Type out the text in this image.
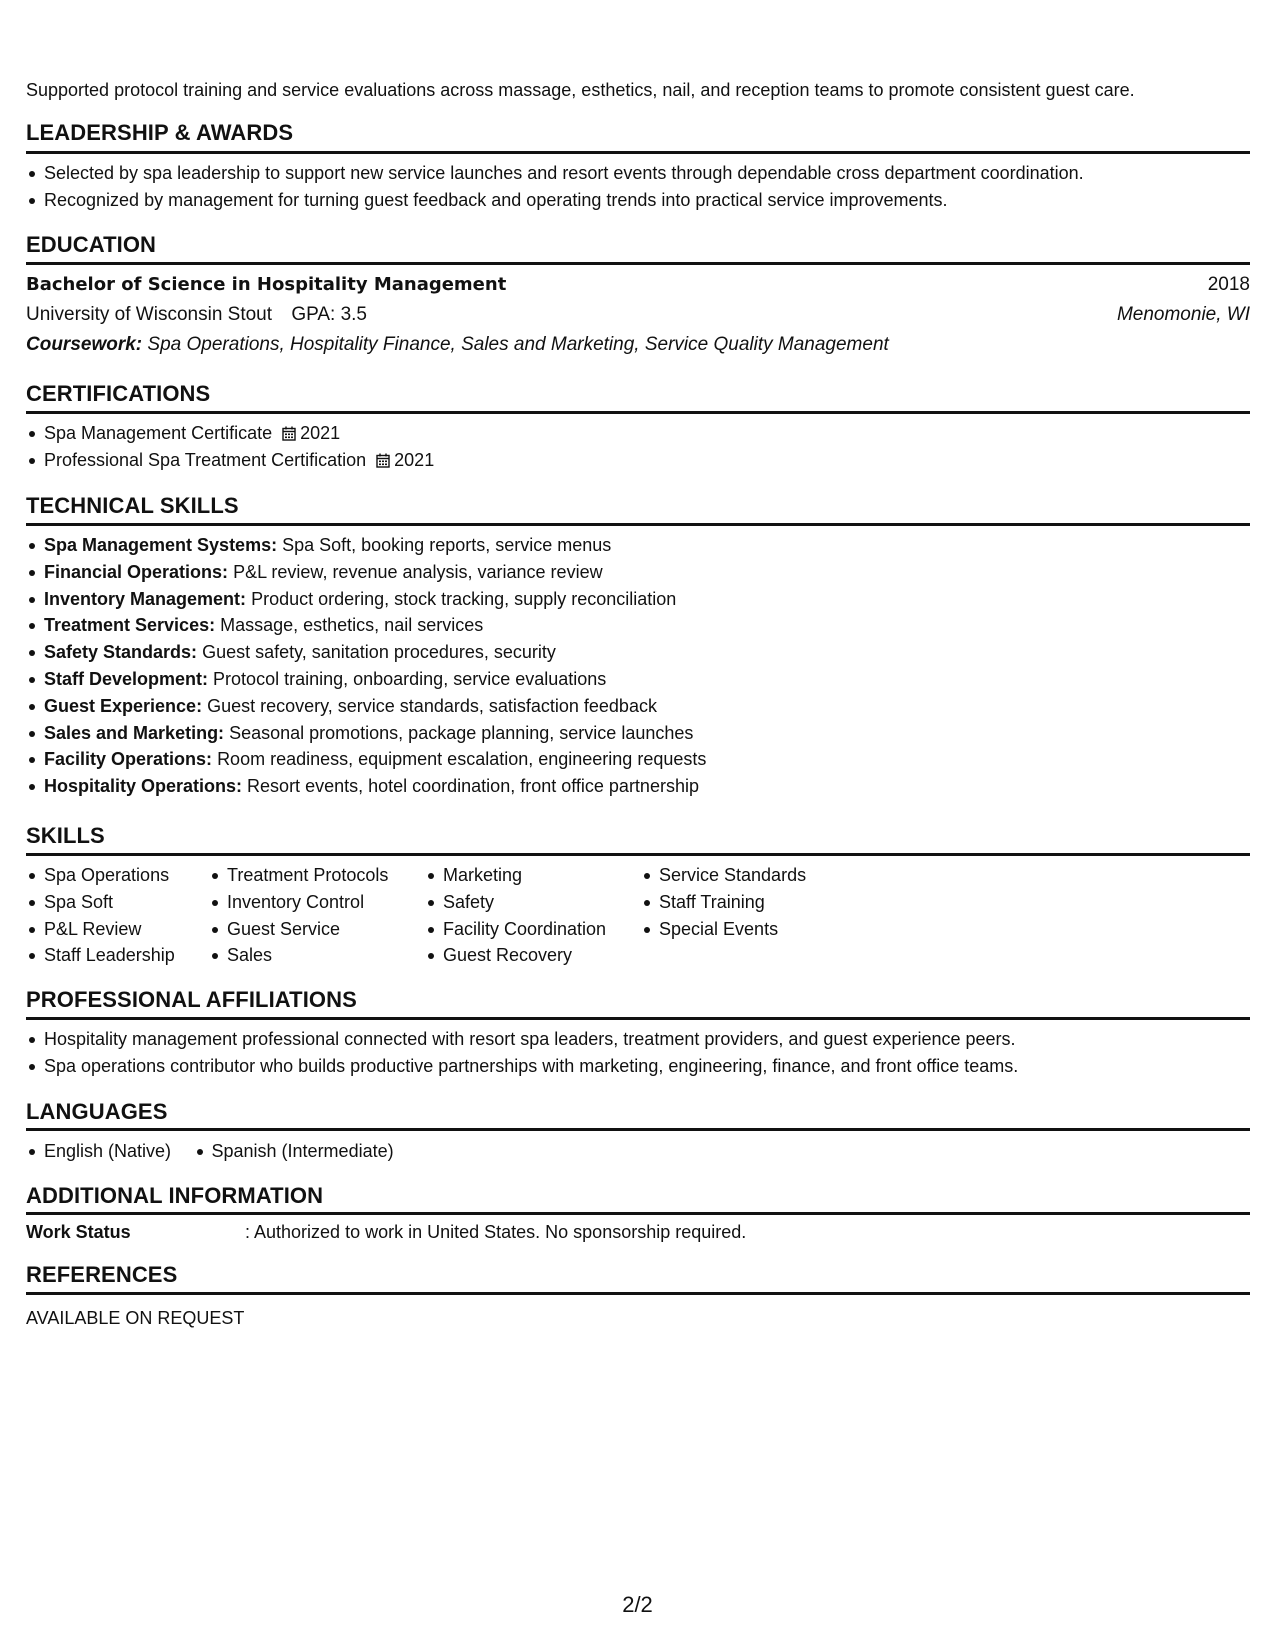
Supported protocol training and service evaluations across massage, esthetics, nail, and reception teams to promote consistent guest care.
LEADERSHIP & AWARDS
Selected by spa leadership to support new service launches and resort events through dependable cross department coordination.
Recognized by management for turning guest feedback and operating trends into practical service improvements.
EDUCATION
Bachelor of Science in Hospitality Management	2018
University of Wisconsin Stout GPA: 3.5	Menomonie, WI
Coursework: Spa Operations, Hospitality Finance, Sales and Marketing, Service Quality Management
CERTIFICATIONS
Spa Management Certificate 2021
Professional Spa Treatment Certification 2021
TECHNICAL SKILLS
Spa Management Systems: Spa Soft, booking reports, service menus
Financial Operations: P&L review, revenue analysis, variance review
Inventory Management: Product ordering, stock tracking, supply reconciliation
Treatment Services: Massage, esthetics, nail services
Safety Standards: Guest safety, sanitation procedures, security
Staff Development: Protocol training, onboarding, service evaluations
Guest Experience: Guest recovery, service standards, satisfaction feedback
Sales and Marketing: Seasonal promotions, package planning, service launches
Facility Operations: Room readiness, equipment escalation, engineering requests
Hospitality Operations: Resort events, hotel coordination, front office partnership
SKILLS
Spa Operations
Spa Soft
P&L Review
Staff Leadership
Treatment Protocols
Inventory Control
Guest Service
Sales
Marketing
Safety
Facility Coordination
Guest Recovery
Service Standards
Staff Training
Special Events
PROFESSIONAL AFFILIATIONS
Hospitality management professional connected with resort spa leaders, treatment providers, and guest experience peers.
Spa operations contributor who builds productive partnerships with marketing, engineering, finance, and front office teams.
LANGUAGES
English (Native) Spanish (Intermediate)
ADDITIONAL INFORMATION
Work Status	: Authorized to work in United States. No sponsorship required.
REFERENCES
AVAILABLE ON REQUEST
2/2
